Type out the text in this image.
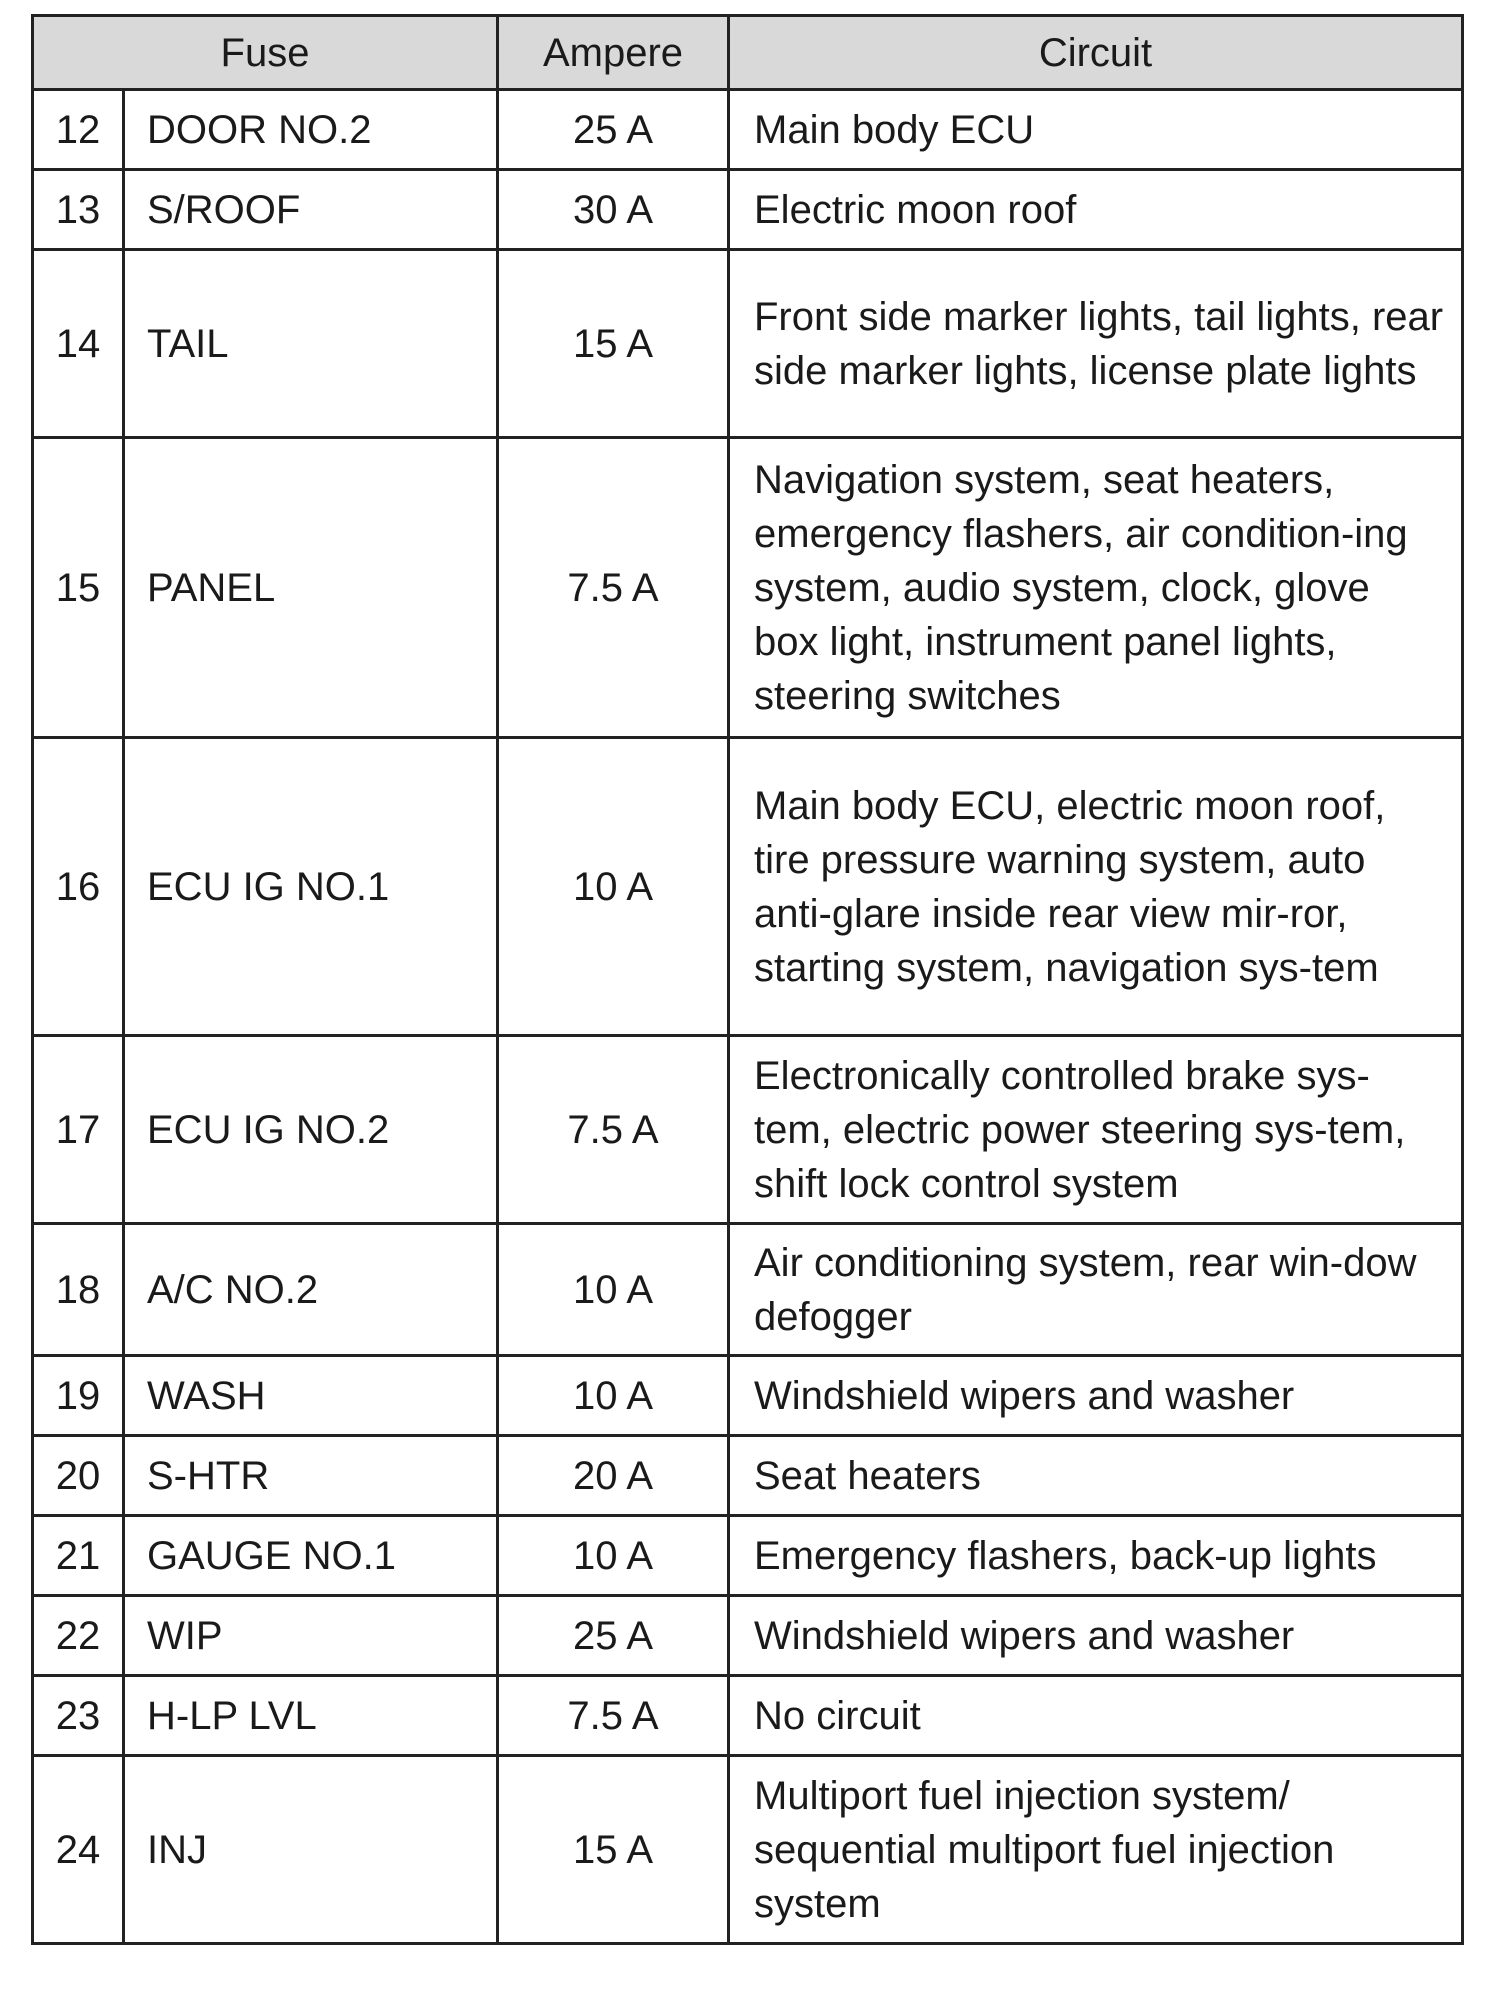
Fuse		Ampere	Circuit
12	DOOR NO.2	25 A	Main body ECU
13	S/ROOF	30 A	Electric moon roof
14	TAIL	15 A	Front side marker lights, tail lights, rear side marker lights, license plate lights
15	PANEL	7.5 A	Navigation system, seat heaters, emergency flashers, air condition-ing system, audio system, clock, glove box light, instrument panel lights, steering switches
16	ECU IG NO.1	10 A	Main body ECU, electric moon roof, tire pressure warning system, auto anti-glare inside rear view mir-ror, starting system, navigation sys-tem
17	ECU IG NO.2	7.5 A	Electronically controlled brake sys-tem, electric power steering sys-tem, shift lock control system
18	A/C NO.2	10 A	Air conditioning system, rear win-dow defogger
19	WASH	10 A	Windshield wipers and washer
20	S-HTR	20 A	Seat heaters
21	GAUGE NO.1	10 A	Emergency flashers, back-up lights
22	WIP	25 A	Windshield wipers and washer
23	H-LP LVL	7.5 A	No circuit
24	INJ	15 A	Multiport fuel injection system/ sequential multiport fuel injection system
